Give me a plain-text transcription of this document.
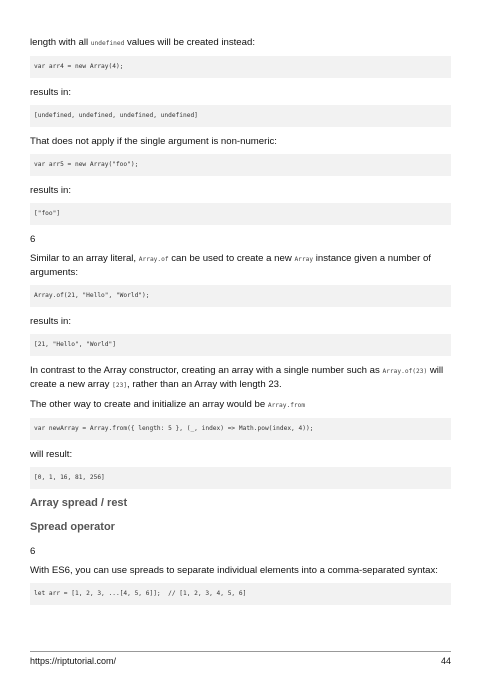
length with all undefined values will be created instead:

var arr4 = new Array(4);

results in:

[undefined, undefined, undefined, undefined]

That does not apply if the single argument is non-numeric:

var arr5 = new Array("foo");

results in:

["foo"]

6

Similar to an array literal, Array.of can be used to create a new Array instance given a number of arguments:

Array.of(21, "Hello", "World");

results in:

[21, "Hello", "World"]

In contrast to the Array constructor, creating an array with a single number such as Array.of(23) will create a new array [23], rather than an Array with length 23.

The other way to create and initialize an array would be Array.from

var newArray = Array.from({ length: 5 }, (_, index) => Math.pow(index, 4));

will result:

[0, 1, 16, 81, 256]
Array spread / rest
Spread operator

6

With ES6, you can use spreads to separate individual elements into a comma-separated syntax:

let arr = [1, 2, 3, ...[4, 5, 6]];  // [1, 2, 3, 4, 5, 6]
https://riptutorial.com/	44
